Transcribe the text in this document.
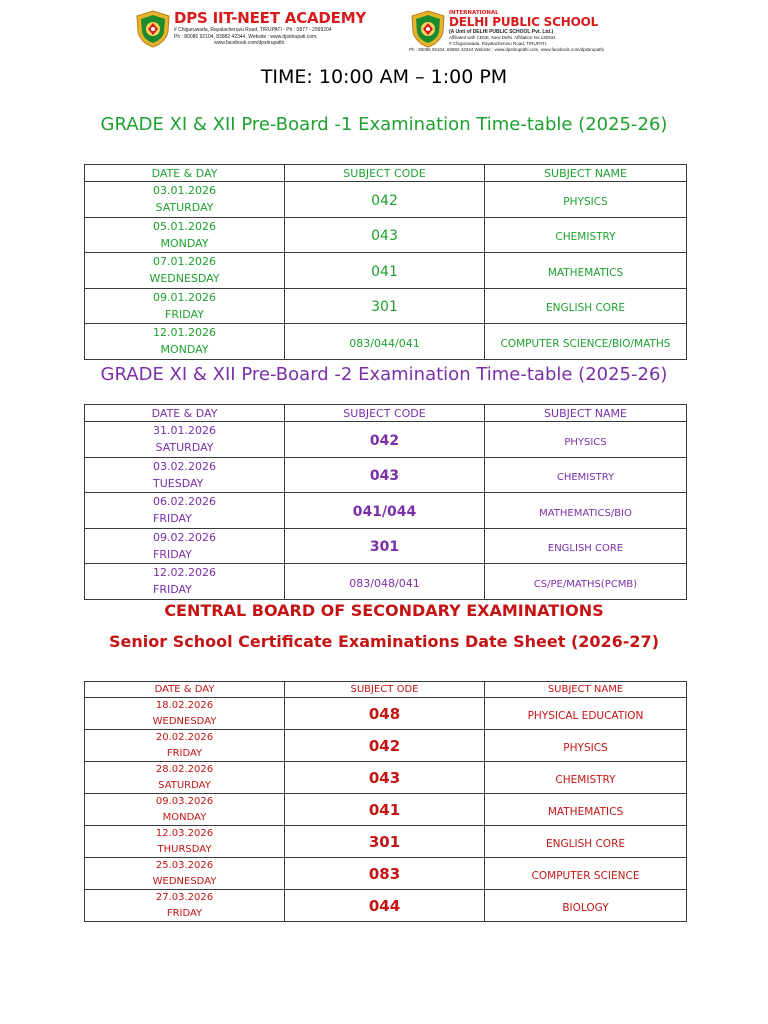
DPS IIT-NEET ACADEMY
# Chiguruwada, Rayalacheruvu Road, TIRUPATI - Ph : 0877 - 2999204
Ph : 80086 92104, 83882 42344, Website : www.dpstirupati.com,
www.facebook.com/dpstirupathi
INTERNATIONAL
DELHI PUBLIC SCHOOL
(A Unit of DELHI PUBLIC SCHOOL Pvt. Ltd.)
Affiliated with CBSE, New Delhi. Affiliation No.130934
# Chiguruwada, Rayalacheruvu Road, TIRUPATI.
Ph : 80086 92104, 83882 42344 Website : www.dpstirupathi.com, www.facebook.com/dpstirupathi
TIME: 10:00 AM – 1:00 PM
GRADE XI & XII Pre-Board -1 Examination Time-table (2025-26)
DATE & DAY	SUBJECT CODE	SUBJECT NAME

03.01.2026
SATURDAY	042	PHYSICS

05.01.2026
MONDAY	043	CHEMISTRY

07.01.2026
WEDNESDAY	041	MATHEMATICS

09.01.2026
FRIDAY	301	ENGLISH CORE

12.01.2026
MONDAY	083/044/041	COMPUTER SCIENCE/BIO/MATHS
GRADE XI & XII Pre-Board -2 Examination Time-table (2025-26)
DATE & DAY	SUBJECT CODE	SUBJECT NAME

31.01.2026
SATURDAY	042	PHYSICS

03.02.2026
TUESDAY	043	CHEMISTRY

06.02.2026
FRIDAY	041/044	MATHEMATICS/BIO

09.02.2026
FRIDAY	301	ENGLISH CORE

12.02.2026
FRIDAY	083/048/041	CS/PE/MATHS(PCMB)
CENTRAL BOARD OF SECONDARY EXAMINATIONS
Senior School Certificate Examinations Date Sheet (2026-27)
DATE & DAY	SUBJECT ODE	SUBJECT NAME

18.02.2026
WEDNESDAY	048	PHYSICAL EDUCATION

20.02.2026
FRIDAY	042	PHYSICS

28.02.2026
SATURDAY	043	CHEMISTRY

09.03.2026
MONDAY	041	MATHEMATICS

12.03.2026
THURSDAY	301	ENGLISH CORE

25.03.2026
WEDNESDAY	083	COMPUTER SCIENCE

27.03.2026
FRIDAY	044	BIOLOGY
